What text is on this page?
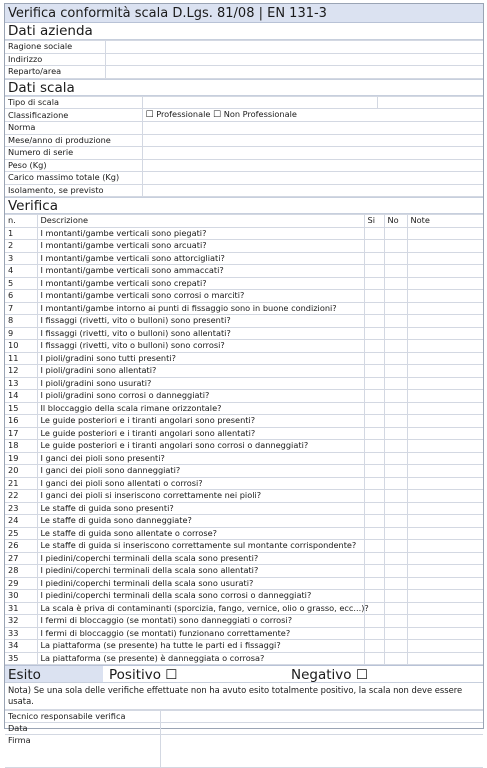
Verifica conformità scala D.Lgs. 81/08 | EN 131-3
Dati azienda
Ragione sociale	
Indirizzo	
Reparto/area	
Dati scala
Tipo di scala		
Classificazione	☐ Professionale ☐ Non Professionale	
Norma		
Mese/anno di produzione		
Numero di serie		
Peso (Kg)		
Carico massimo totale (Kg)		
Isolamento, se previsto		
Verifica
n.	Descrizione	Si	No	Note
1	I montanti/gambe verticali sono piegati?			
2	I montanti/gambe verticali sono arcuati?			
3	I montanti/gambe verticali sono attorcigliati?			
4	I montanti/gambe verticali sono ammaccati?			
5	I montanti/gambe verticali sono crepati?			
6	I montanti/gambe verticali sono corrosi o marciti?			
7	I montanti/gambe intorno ai punti di fissaggio sono in buone condizioni?			
8	I fissaggi (rivetti, vito o bulloni) sono presenti?			
9	I fissaggi (rivetti, vito o bulloni) sono allentati?			
10	I fissaggi (rivetti, vito o bulloni) sono corrosi?			
11	I pioli/gradini sono tutti presenti?			
12	I pioli/gradini sono allentati?			
13	I pioli/gradini sono usurati?			
14	I pioli/gradini sono corrosi o danneggiati?			
15	Il bloccaggio della scala rimane orizzontale?			
16	Le guide posteriori e i tiranti angolari sono presenti?			
17	Le guide posteriori e i tiranti angolari sono allentati?			
18	Le guide posteriori e i tiranti angolari sono corrosi o danneggiati?			
19	I ganci dei pioli sono presenti?			
20	I ganci dei pioli sono danneggiati?			
21	I ganci dei pioli sono allentati o corrosi?			
22	I ganci dei pioli si inseriscono correttamente nei pioli?			
23	Le staffe di guida sono presenti?			
24	Le staffe di guida sono danneggiate?			
25	Le staffe di guida sono allentate o corrose?			
26	Le staffe di guida si inseriscono correttamente sul montante corrispondente?			
27	I piedini/coperchi terminali della scala sono presenti?			
28	I piedini/coperchi terminali della scala sono allentati?			
29	I piedini/coperchi terminali della scala sono usurati?			
30	I piedini/coperchi terminali della scala sono corrosi o danneggiati?			
31	La scala è priva di contaminanti (sporcizia, fango, vernice, olio o grasso, ecc...)?			
32	I fermi di bloccaggio (se montati) sono danneggiati o corrosi?			
33	I fermi di bloccaggio (se montati) funzionano correttamente?			
34	La piattaforma (se presente) ha tutte le parti ed i fissaggi?			
35	La piattaforma (se presente) è danneggiata o corrosa?			
Esito	Positivo ☐	Negativo ☐
Nota) Se una sola delle verifiche effettuate non ha avuto esito totalmente positivo, la scala non deve essere usata.
Tecnico responsabile verifica	
Data	
Firma	
